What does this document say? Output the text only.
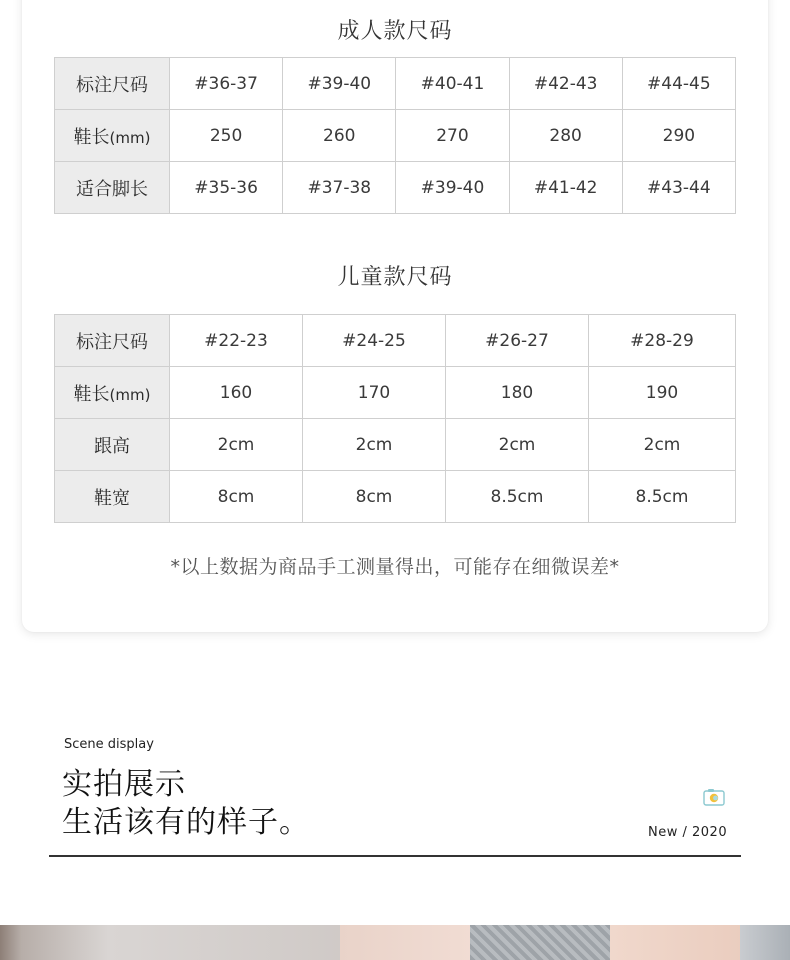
成人款尺码
标注尺码	#36-37	#39-40	#40-41	#42-43	#44-45
鞋长(mm)	250	260	270	280	290
适合脚长	#35-36	#37-38	#39-40	#41-42	#43-44
儿童款尺码
标注尺码	#22-23	#24-25	#26-27	#28-29
鞋长(mm)	160	170	180	190
跟高	2cm	2cm	2cm	2cm
鞋宽	8cm	8cm	8.5cm	8.5cm
*以上数据为商品手工测量得出，可能存在细微误差*
Scene display
实拍展示
生活该有的样子。	New / 2020
